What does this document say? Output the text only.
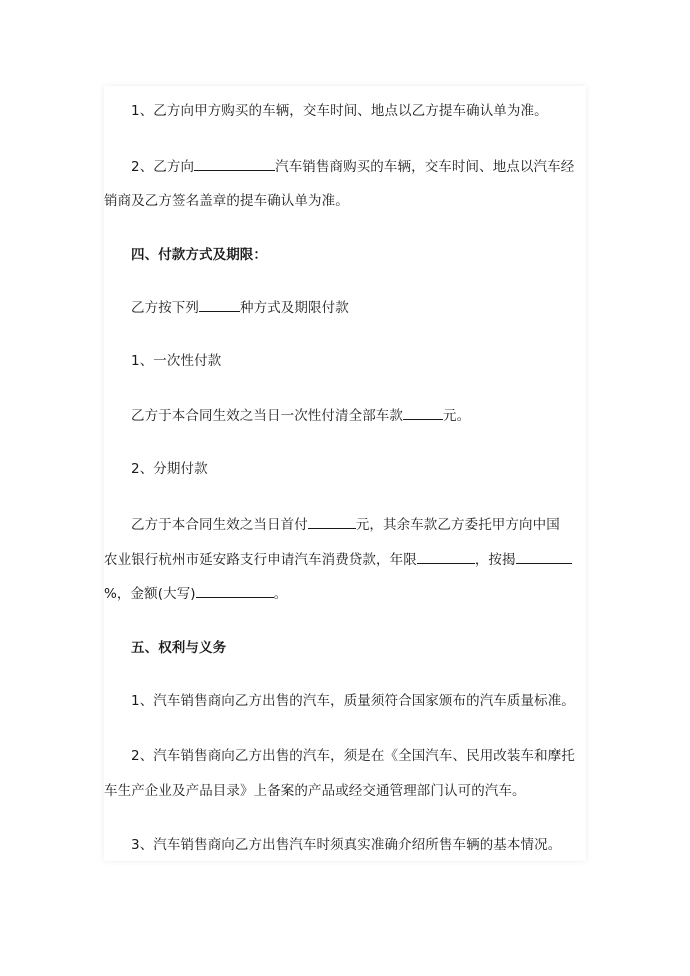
1、乙方向甲方购买的车辆，交车时间、地点以乙方提车确认单为准。
2、乙方向	汽车销售商购买的车辆，交车时间、地点以汽车经
销商及乙方签名盖章的提车确认单为准。
四、付款方式及期限：
乙方按下列	种方式及期限付款
1、一次性付款
乙方于本合同生效之当日一次性付清全部车款	元。
2、分期付款
乙方于本合同生效之当日首付	元，其余车款乙方委托甲方向中国
农业银行杭州市延安路支行申请汽车消费贷款，年限	，按揭
%，金额(大写)	。
五、权利与义务
1、汽车销售商向乙方出售的汽车，质量须符合国家颁布的汽车质量标准。
2、汽车销售商向乙方出售的汽车，须是在《全国汽车、民用改装车和摩托
车生产企业及产品目录》上备案的产品或经交通管理部门认可的汽车。
3、汽车销售商向乙方出售汽车时须真实准确介绍所售车辆的基本情况。
